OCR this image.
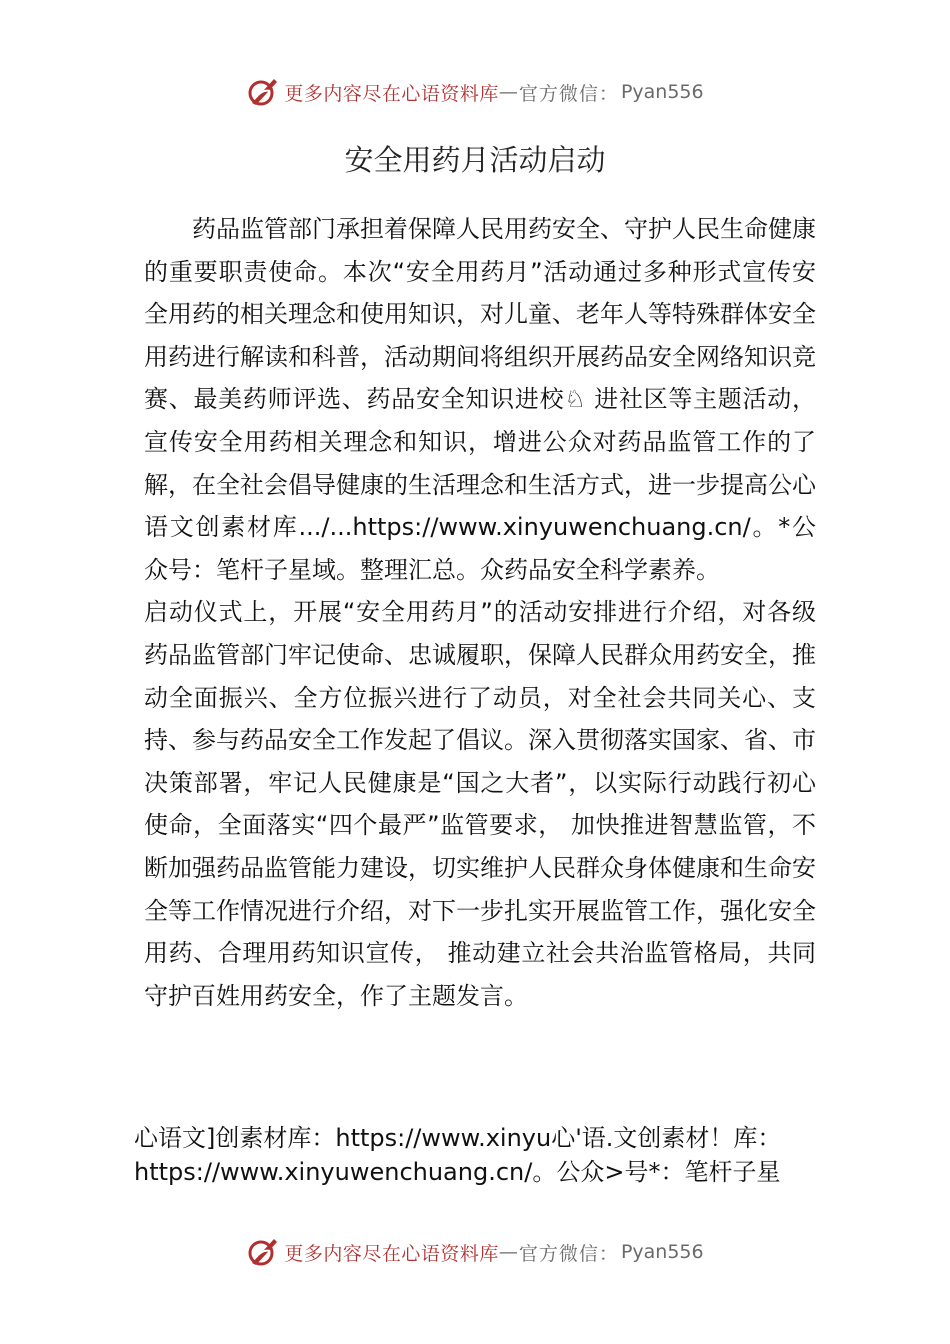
更多内容尽在心语资料库 — 官方微信： Pyan556
安全用药月活动启动

药品监管部门承担着保障人民用药安全、守护人民生命健康的重要职责使命。本次“安全用药月”活动通过多种形式宣传安全用药的相关理念和使用知识，对儿童、老年人等特殊群体安全用药进行解读和科普，活动期间将组织开展药品安全网络知识竞赛、最美药师评选、药品安全知识进校♘ 进社区等主题活动，宣传安全用药相关理念和知识，增进公众对药品监管工作的了解，在全社会倡导健康的生活理念和生活方式，进一步提高公心语文创素材库.../...https://www.xinyuwenchuang.cn/。*公众号：笔杆子星域。整理汇总。众药品安全科学素养。

启动仪式上，开展“安全用药月”的活动安排进行介绍，对各级药品监管部门牢记使命、忠诚履职，保障人民群众用药安全，推动全面振兴、全方位振兴进行了动员，对全社会共同关心、支持、参与药品安全工作发起了倡议。深入贯彻落实国家、省、市决策部署，牢记人民健康是“国之大者”，以实际行动践行初心使命，全面落实“四个最严”监管要求， 加快推进智慧监管，不断加强药品监管能力建设，切实维护人民群众身体健康和生命安全等工作情况进行介绍，对下一步扎实开展监管工作，强化安全用药、合理用药知识宣传， 推动建立社会共治监管格局，共同守护百姓用药安全，作了主题发言。

心语文]创素材库：https://www.xinyu心'语.文创素材！库：

https://www.xinyuwenchuang.cn/。公众>号*：笔杆子星

更多内容尽在心语资料库 — 官方微信： Pyan556
